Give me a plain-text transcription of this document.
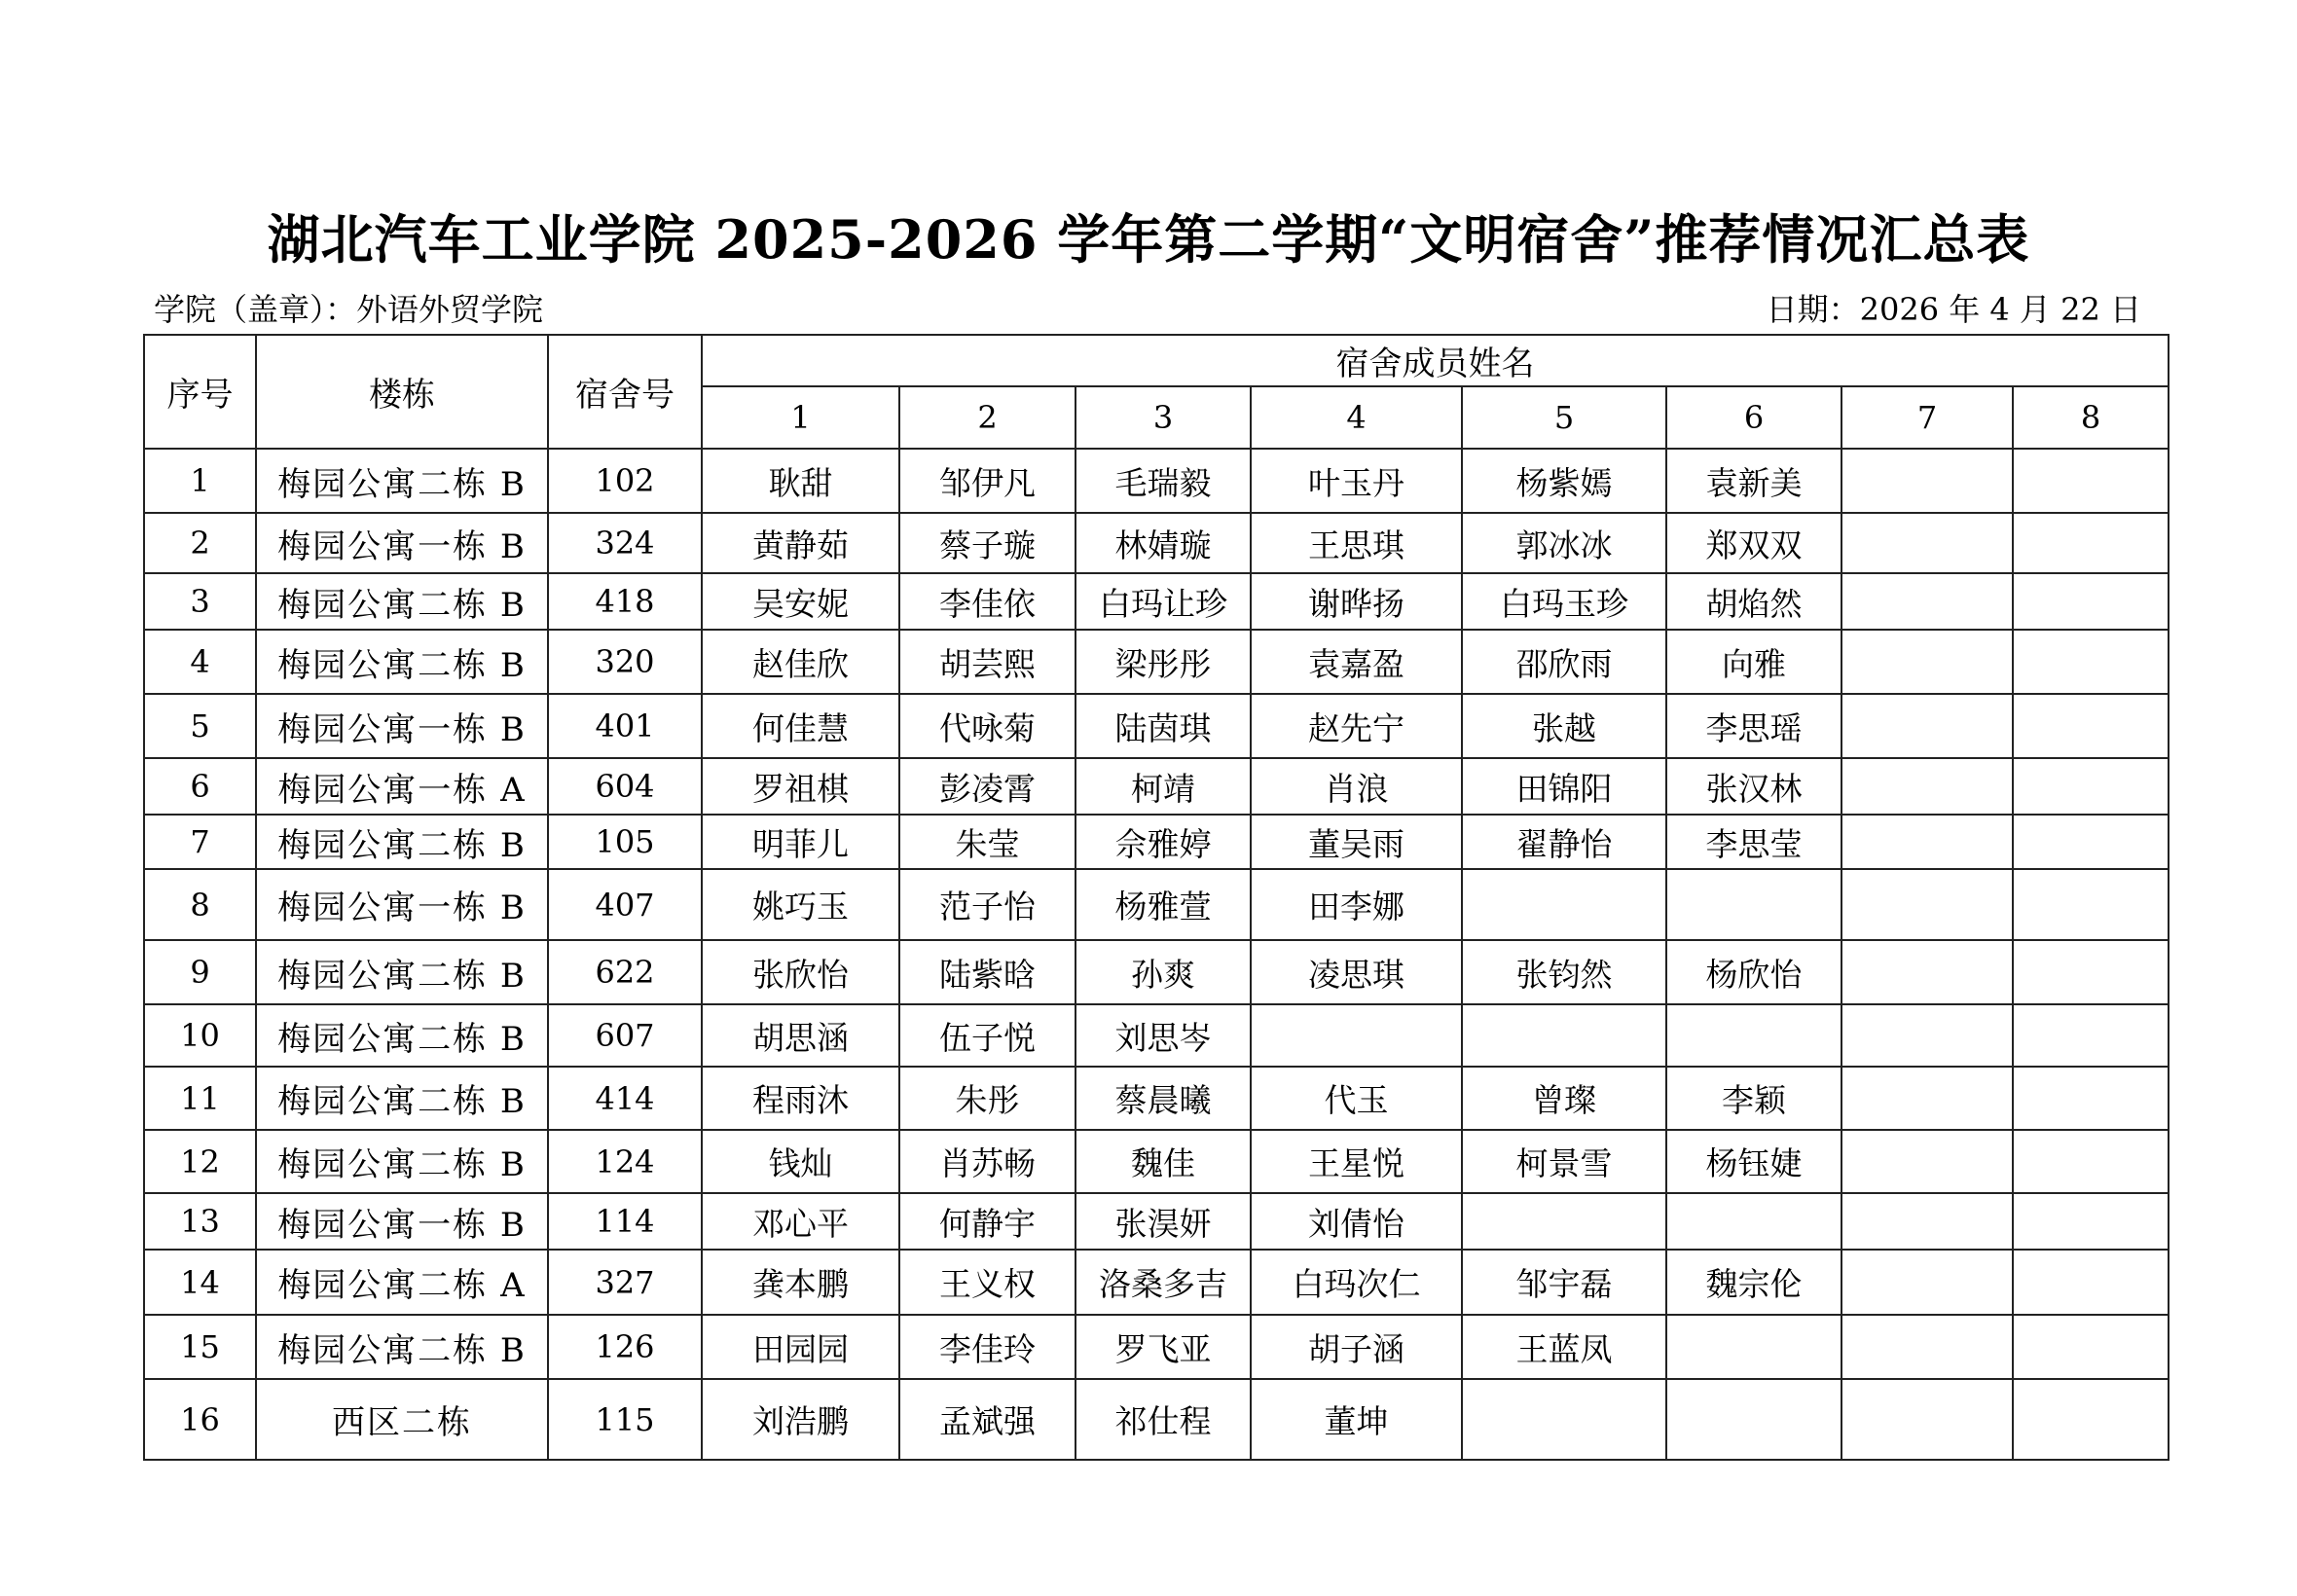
湖北汽车工业学院 2025-2026 学年第二学期“文明宿舍”推荐情况汇总表
学院（盖章）：外语外贸学院	日期：2026 年 4 月 22 日
序号	楼栋	宿舍号	宿舍成员姓名							
			1	2	3	4	5	6	7	8
1	梅园公寓二栋 B	102	耿甜	邹伊凡	毛瑞毅	叶玉丹	杨紫嫣	袁新美		
2	梅园公寓一栋 B	324	黄静茹	蔡子璇	林婧璇	王思琪	郭冰冰	郑双双		
3	梅园公寓二栋 B	418	吴安妮	李佳依	白玛让珍	谢晔扬	白玛玉珍	胡焰然		
4	梅园公寓二栋 B	320	赵佳欣	胡芸熙	梁彤彤	袁嘉盈	邵欣雨	向雅		
5	梅园公寓一栋 B	401	何佳慧	代咏菊	陆茵琪	赵先宁	张越	李思瑶		
6	梅园公寓一栋 A	604	罗祖棋	彭凌霄	柯靖	肖浪	田锦阳	张汉林		
7	梅园公寓二栋 B	105	明菲儿	朱莹	佘雅婷	董吴雨	翟静怡	李思莹		
8	梅园公寓一栋 B	407	姚巧玉	范子怡	杨雅萱	田李娜				
9	梅园公寓二栋 B	622	张欣怡	陆紫晗	孙爽	凌思琪	张钧然	杨欣怡		
10	梅园公寓二栋 B	607	胡思涵	伍子悦	刘思岑					
11	梅园公寓二栋 B	414	程雨沐	朱彤	蔡晨曦	代玉	曾璨	李颖		
12	梅园公寓二栋 B	124	钱灿	肖苏畅	魏佳	王星悦	柯景雪	杨钰婕		
13	梅园公寓一栋 B	114	邓心平	何静宇	张淏妍	刘倩怡				
14	梅园公寓二栋 A	327	龚本鹏	王义权	洛桑多吉	白玛次仁	邹宇磊	魏宗伦		
15	梅园公寓二栋 B	126	田园园	李佳玲	罗飞亚	胡子涵	王蓝凤			
16	西区二栋	115	刘浩鹏	孟斌强	祁仕程	董坤				
